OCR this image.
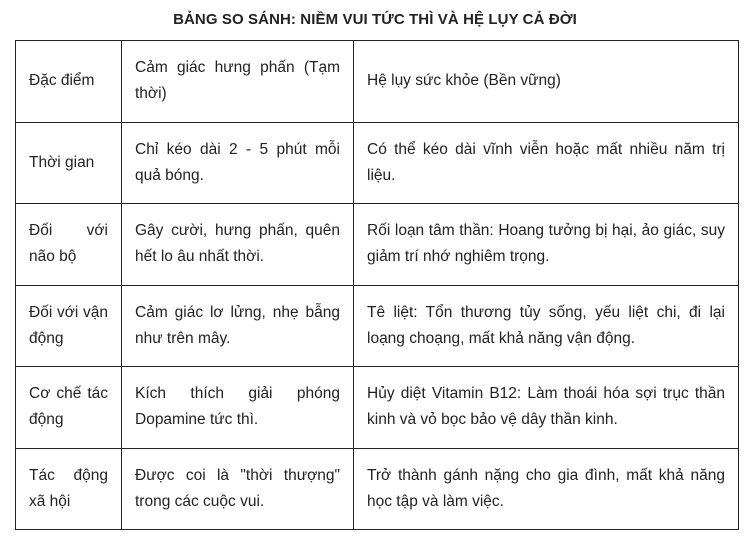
BẢNG SO SÁNH: NIỀM VUI TỨC THÌ VÀ HỆ LỤY CẢ ĐỜI
Đặc điểm	Cảm giác hưng phấn (Tạm thời)	Hệ lụy sức khỏe (Bền vững)
Thời gian	Chỉ kéo dài 2 - 5 phút mỗi quả bóng.	Có thể kéo dài vĩnh viễn hoặc mất nhiều năm trị liệu.
Đối với não bộ	Gây cười, hưng phấn, quên hết lo âu nhất thời.	Rối loạn tâm thần: Hoang tưởng bị hại, ảo giác, suy giảm trí nhớ nghiêm trọng.
Đối với vận động	Cảm giác lơ lửng, nhẹ bẫng như trên mây.	Tê liệt: Tổn thương tủy sống, yếu liệt chi, đi lại loạng choạng, mất khả năng vận động.
Cơ chế tác động	Kích thích giải phóng Dopamine tức thì.	Hủy diệt Vitamin B12: Làm thoái hóa sợi trục thần kinh và vỏ bọc bảo vệ dây thần kinh.
Tác động xã hội	Được coi là "thời thượng" trong các cuộc vui.	Trở thành gánh nặng cho gia đình, mất khả năng học tập và làm việc.
